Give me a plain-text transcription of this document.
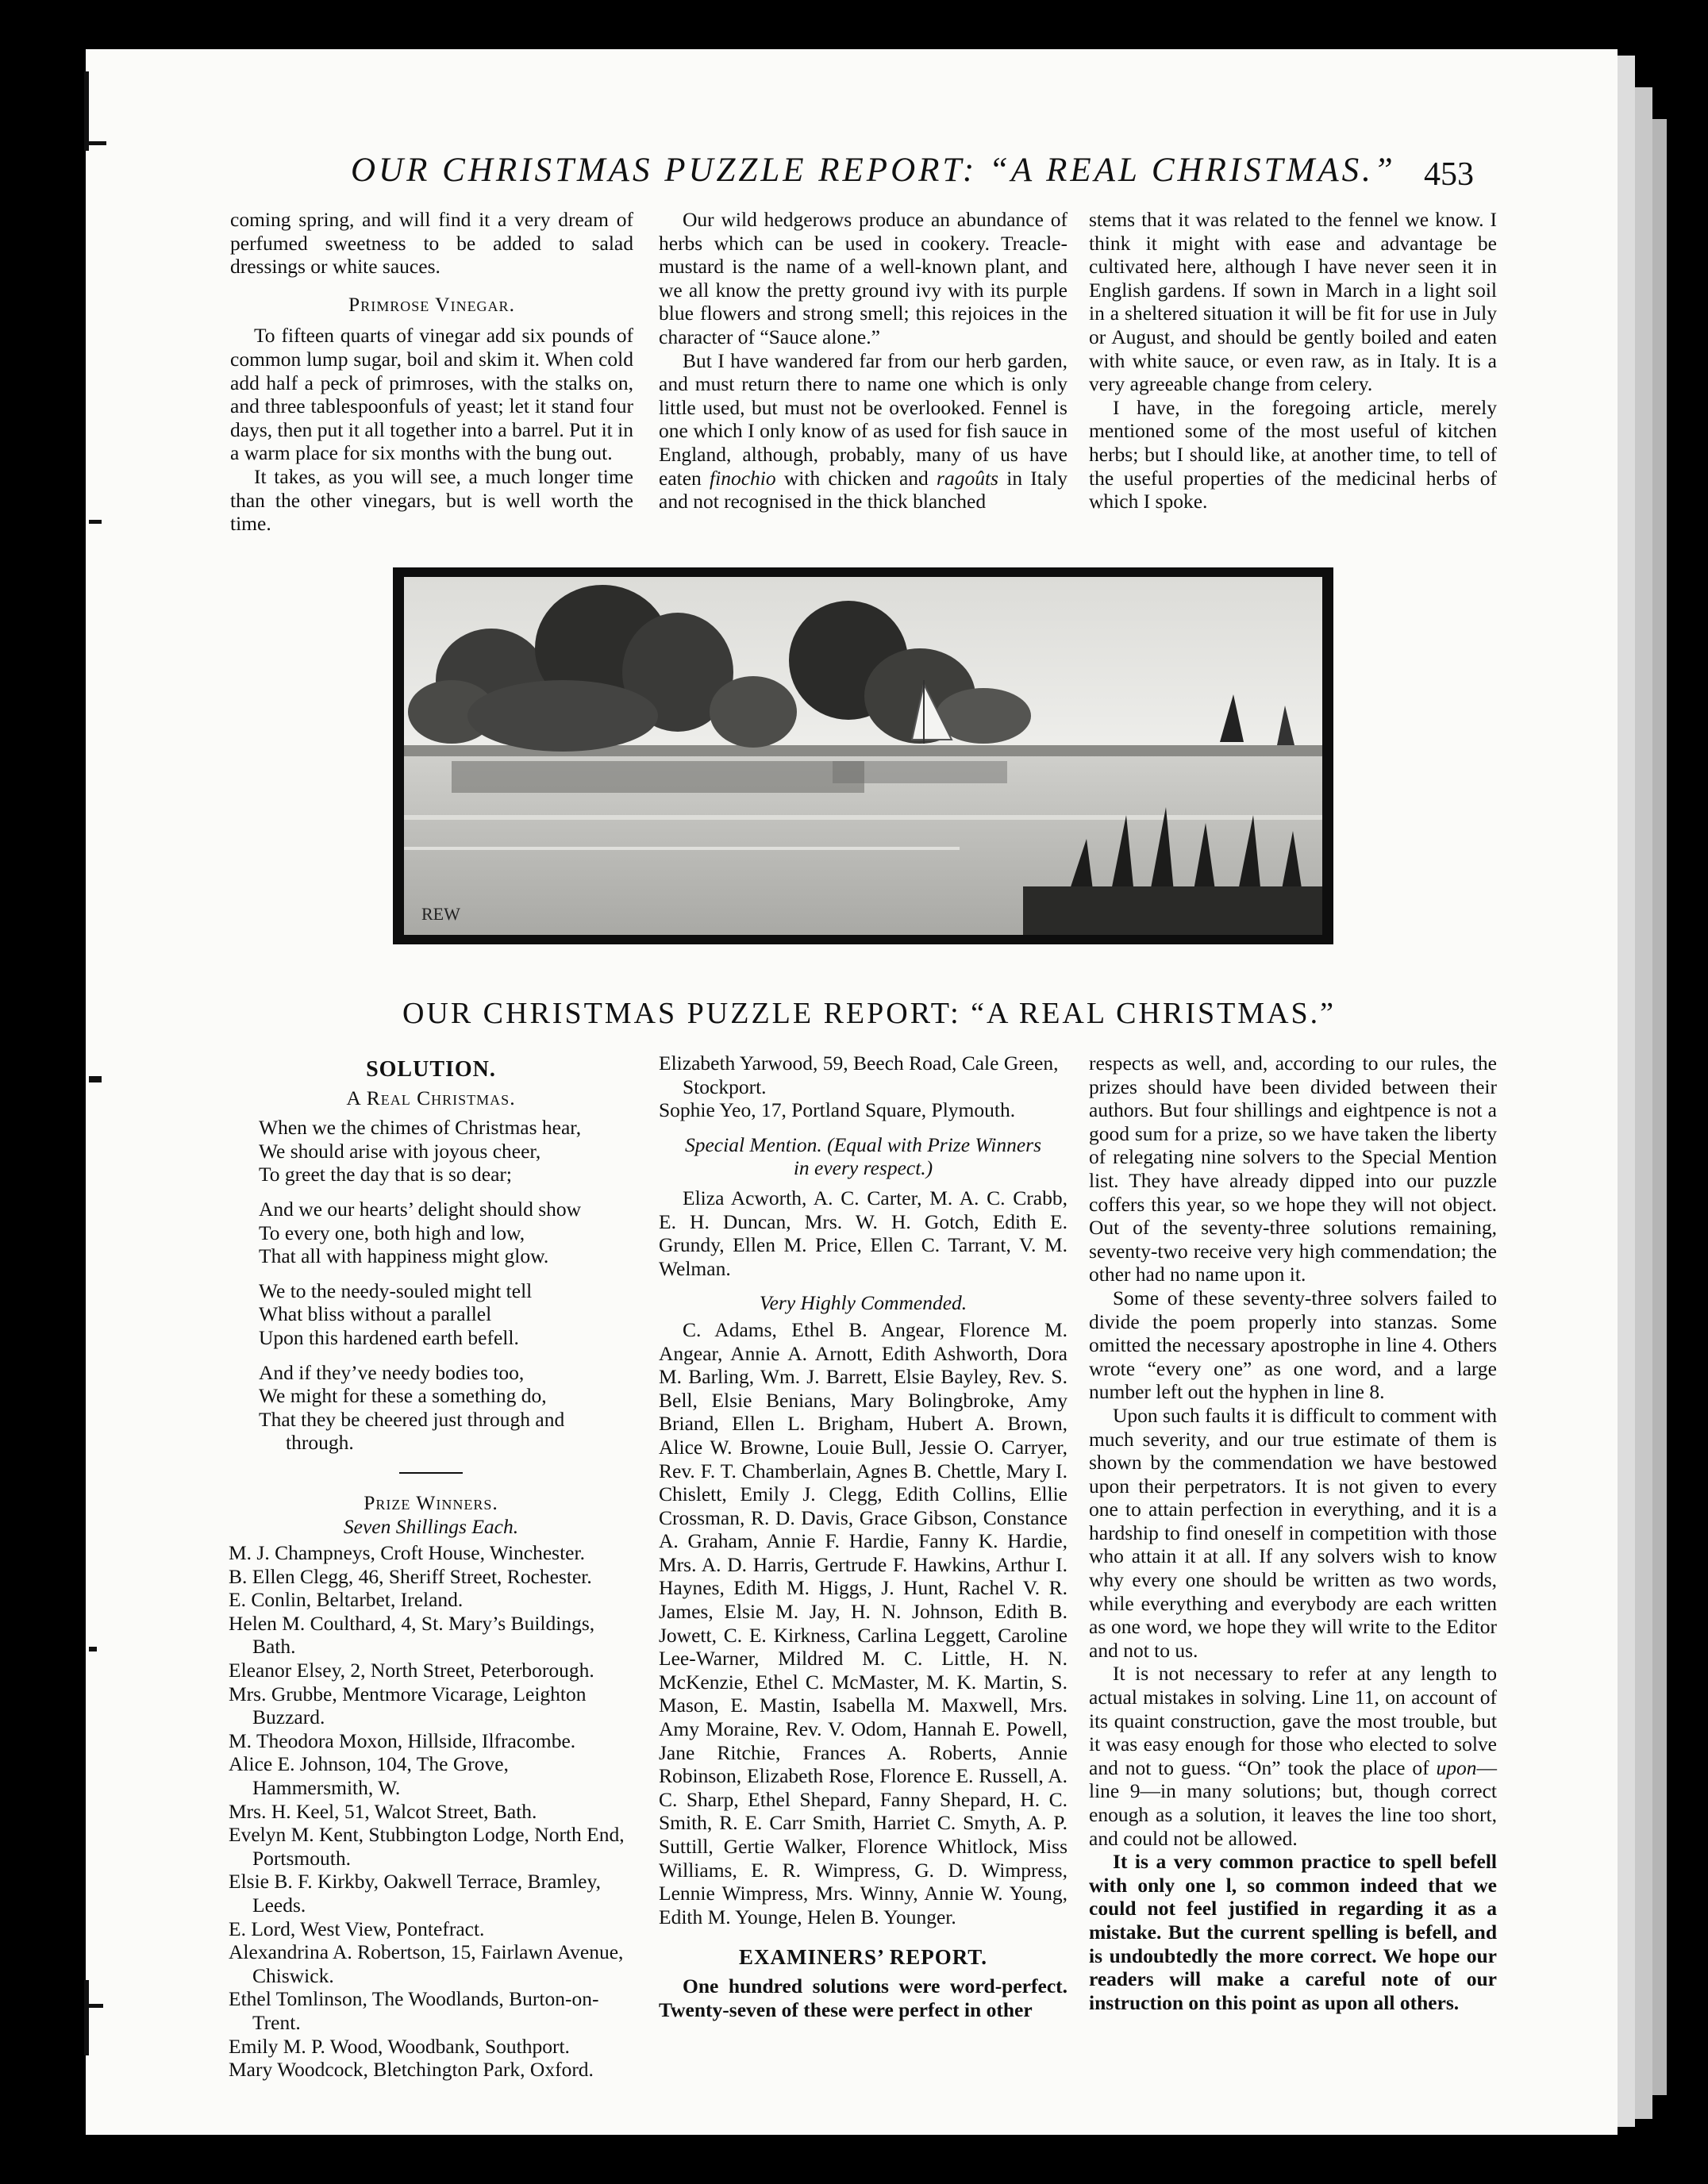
OUR CHRISTMAS PUZZLE REPORT: “A REAL CHRISTMAS.” 453

coming spring, and will find it a very dream of perfumed sweetness to be added to salad dressings or white sauces.

Primrose Vinegar.

To fifteen quarts of vinegar add six pounds of common lump sugar, boil and skim it. When cold add half a peck of primroses, with the stalks on, and three tablespoonfuls of yeast; let it stand four days, then put it all together into a barrel. Put it in a warm place for six months with the bung out.

It takes, as you will see, a much longer time than the other vinegars, but is well worth the time.

Our wild hedgerows produce an abundance of herbs which can be used in cookery. Treacle-mustard is the name of a well-known plant, and we all know the pretty ground ivy with its purple blue flowers and strong smell; this rejoices in the character of “Sauce alone.”

But I have wandered far from our herb garden, and must return there to name one which is only little used, but must not be overlooked. Fennel is one which I only know of as used for fish sauce in England, although, probably, many of us have eaten finochio with chicken and ragoûts in Italy and not recognised in the thick blanched

stems that it was related to the fennel we know. I think it might with ease and advantage be cultivated here, although I have never seen it in English gardens. If sown in March in a light soil in a sheltered situation it will be fit for use in July or August, and should be gently boiled and eaten with white sauce, or even raw, as in Italy. It is a very agreeable change from celery.

I have, in the foregoing article, merely mentioned some of the most useful of kitchen herbs; but I should like, at another time, to tell of the useful properties of the medicinal herbs of which I spoke.

REW
OUR CHRISTMAS PUZZLE REPORT: “A REAL CHRISTMAS.”

SOLUTION.

A Real Christmas.

When we the chimes of Christmas hear,

We should arise with joyous cheer,

To greet the day that is so dear;

And we our hearts’ delight should show

To every one, both high and low,

That all with happiness might glow.

We to the needy-souled might tell

What bliss without a parallel

Upon this hardened earth befell.

And if they’ve needy bodies too,

We might for these a something do,

That they be cheered just through and

through.

Prize Winners.

Seven Shillings Each.

M. J. Champneys, Croft House, Winchester.

B. Ellen Clegg, 46, Sheriff Street, Rochester.

E. Conlin, Beltarbet, Ireland.

Helen M. Coulthard, 4, St. Mary’s Buildings, Bath.

Eleanor Elsey, 2, North Street, Peterborough.

Mrs. Grubbe, Mentmore Vicarage, Leighton Buzzard.

M. Theodora Moxon, Hillside, Ilfracombe.

Alice E. Johnson, 104, The Grove, Hammersmith, W.

Mrs. H. Keel, 51, Walcot Street, Bath.

Evelyn M. Kent, Stubbington Lodge, North End, Portsmouth.

Elsie B. F. Kirkby, Oakwell Terrace, Bramley, Leeds.

E. Lord, West View, Pontefract.

Alexandrina A. Robertson, 15, Fairlawn Avenue, Chiswick.

Ethel Tomlinson, The Woodlands, Burton-on-Trent.

Emily M. P. Wood, Woodbank, Southport.

Mary Woodcock, Bletchington Park, Oxford.

Elizabeth Yarwood, 59, Beech Road, Cale Green, Stockport.

Sophie Yeo, 17, Portland Square, Plymouth.

Special Mention. (Equal with Prize Winners in every respect.)

Eliza Acworth, A. C. Carter, M. A. C. Crabb, E. H. Duncan, Mrs. W. H. Gotch, Edith E. Grundy, Ellen M. Price, Ellen C. Tarrant, V. M. Welman.

Very Highly Commended.

C. Adams, Ethel B. Angear, Florence M. Angear, Annie A. Arnott, Edith Ashworth, Dora M. Barling, Wm. J. Barrett, Elsie Bayley, Rev. S. Bell, Elsie Benians, Mary Bolingbroke, Amy Briand, Ellen L. Brigham, Hubert A. Brown, Alice W. Browne, Louie Bull, Jessie O. Carryer, Rev. F. T. Chamberlain, Agnes B. Chettle, Mary I. Chislett, Emily J. Clegg, Edith Collins, Ellie Crossman, R. D. Davis, Grace Gibson, Constance A. Graham, Annie F. Hardie, Fanny K. Hardie, Mrs. A. D. Harris, Gertrude F. Hawkins, Arthur I. Haynes, Edith M. Higgs, J. Hunt, Rachel V. R. James, Elsie M. Jay, H. N. Johnson, Edith B. Jowett, C. E. Kirkness, Carlina Leggett, Caroline Lee-Warner, Mildred M. C. Little, H. N. McKenzie, Ethel C. McMaster, M. K. Martin, S. Mason, E. Mastin, Isabella M. Maxwell, Mrs. Amy Moraine, Rev. V. Odom, Hannah E. Powell, Jane Ritchie, Frances A. Roberts, Annie Robinson, Elizabeth Rose, Florence E. Russell, A. C. Sharp, Ethel Shepard, Fanny Shepard, H. C. Smith, R. E. Carr Smith, Harriet C. Smyth, A. P. Suttill, Gertie Walker, Florence Whitlock, Miss Williams, E. R. Wimpress, G. D. Wimpress, Lennie Wimpress, Mrs. Winny, Annie W. Young, Edith M. Younge, Helen B. Younger.

EXAMINERS’ REPORT.

One hundred solutions were word-perfect. Twenty-seven of these were perfect in other

respects as well, and, according to our rules, the prizes should have been divided between their authors. But four shillings and eightpence is not a good sum for a prize, so we have taken the liberty of relegating nine solvers to the Special Mention list. They have already dipped into our puzzle coffers this year, so we hope they will not object. Out of the seventy-three solutions remaining, seventy-two receive very high commendation; the other had no name upon it.

Some of these seventy-three solvers failed to divide the poem properly into stanzas. Some omitted the necessary apostrophe in line 4. Others wrote “every one” as one word, and a large number left out the hyphen in line 8.

Upon such faults it is difficult to comment with much severity, and our true estimate of them is shown by the commendation we have bestowed upon their perpetrators. It is not given to every one to attain perfection in everything, and it is a hardship to find oneself in competition with those who attain it at all. If any solvers wish to know why every one should be written as two words, while everything and everybody are each written as one word, we hope they will write to the Editor and not to us.

It is not necessary to refer at any length to actual mistakes in solving. Line 11, on account of its quaint construction, gave the most trouble, but it was easy enough for those who elected to solve and not to guess. “On” took the place of upon—line 9—in many solutions; but, though correct enough as a solution, it leaves the line too short, and could not be allowed.

It is a very common practice to spell befell with only one l, so common indeed that we could not feel justified in regarding it as a mistake. But the current spelling is befell, and is undoubtedly the more correct. We hope our readers will make a careful note of our instruction on this point as upon all others.
